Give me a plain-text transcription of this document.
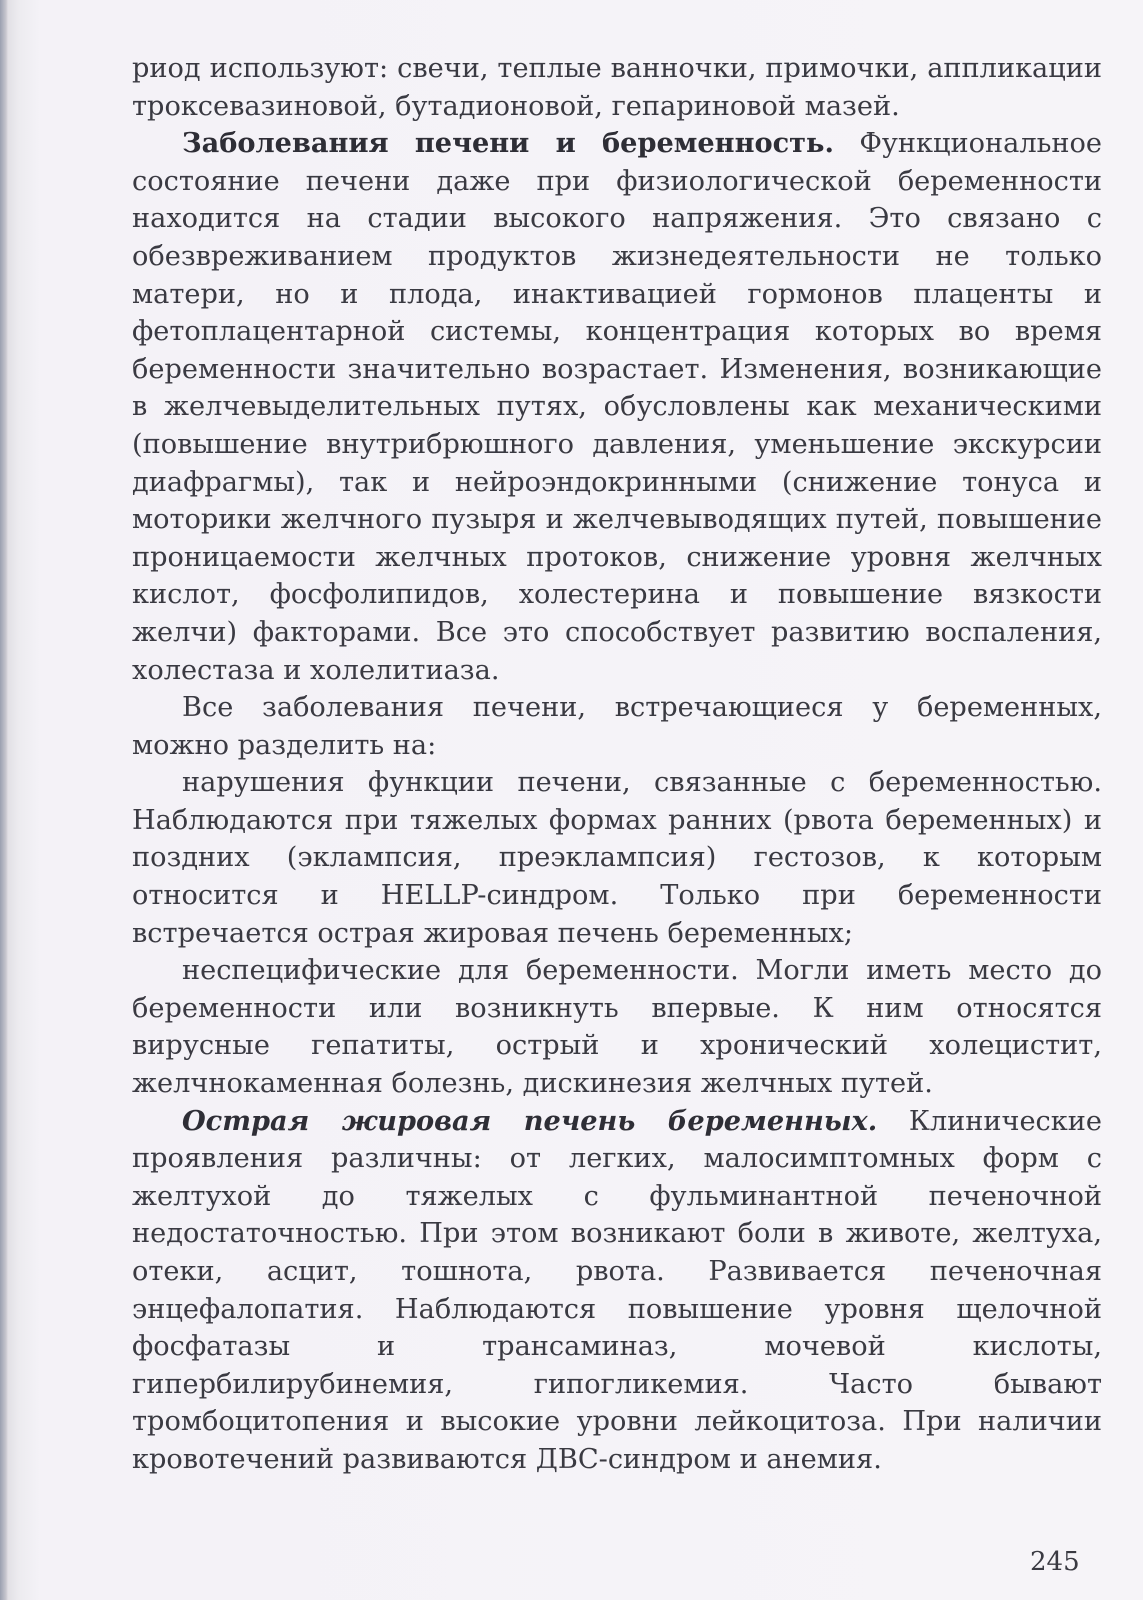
риод используют: свечи, теплые ванночки, примочки, аппликации троксевазиновой, бутадионовой, гепариновой мазей.

Заболевания печени и беременность. Функциональное состояние печени даже при физиологической беременности находится на стадии высокого напряжения. Это связано с обезвреживанием продуктов жизнедеятельности не только матери, но и плода, инактивацией гормонов плаценты и фетоплацентарной системы, концентрация которых во время беременности значительно возрастает. Изменения, возникающие в желчевыделительных путях, обусловлены как механическими (повышение внутрибрюшного давления, уменьшение экскурсии диафрагмы), так и нейроэндокринными (снижение тонуса и моторики желчного пузыря и желчевыводящих путей, повышение проницаемости желчных протоков, снижение уровня желчных кислот, фосфолипидов, холестерина и повышение вязкости желчи) факторами. Все это способствует развитию воспаления, холестаза и холелитиаза.

Все заболевания печени, встречающиеся у беременных, можно разделить на:

нарушения функции печени, связанные с беременностью. Наблюдаются при тяжелых формах ранних (рвота беременных) и поздних (эклампсия, преэклампсия) гестозов, к которым относится и HELLP-синдром. Только при беременности встречается острая жировая печень беременных;

неспецифические для беременности. Могли иметь место до беременности или возникнуть впервые. К ним относятся вирусные гепатиты, острый и хронический холецистит, желчнокаменная болезнь, дискинезия желчных путей.

Острая жировая печень беременных. Клинические проявления различны: от легких, малосимптомных форм с желтухой до тяжелых с фульминантной печеночной недостаточностью. При этом возникают боли в животе, желтуха, отеки, асцит, тошнота, рвота. Развивается печеночная энцефалопатия. Наблюдаются повышение уровня щелочной фосфатазы и трансаминаз, мочевой кислоты, гипербилирубинемия, гипогликемия. Часто бывают тромбоцитопения и высокие уровни лейкоцитоза. При наличии кровотечений развиваются ДВС-синдром и анемия.

245
